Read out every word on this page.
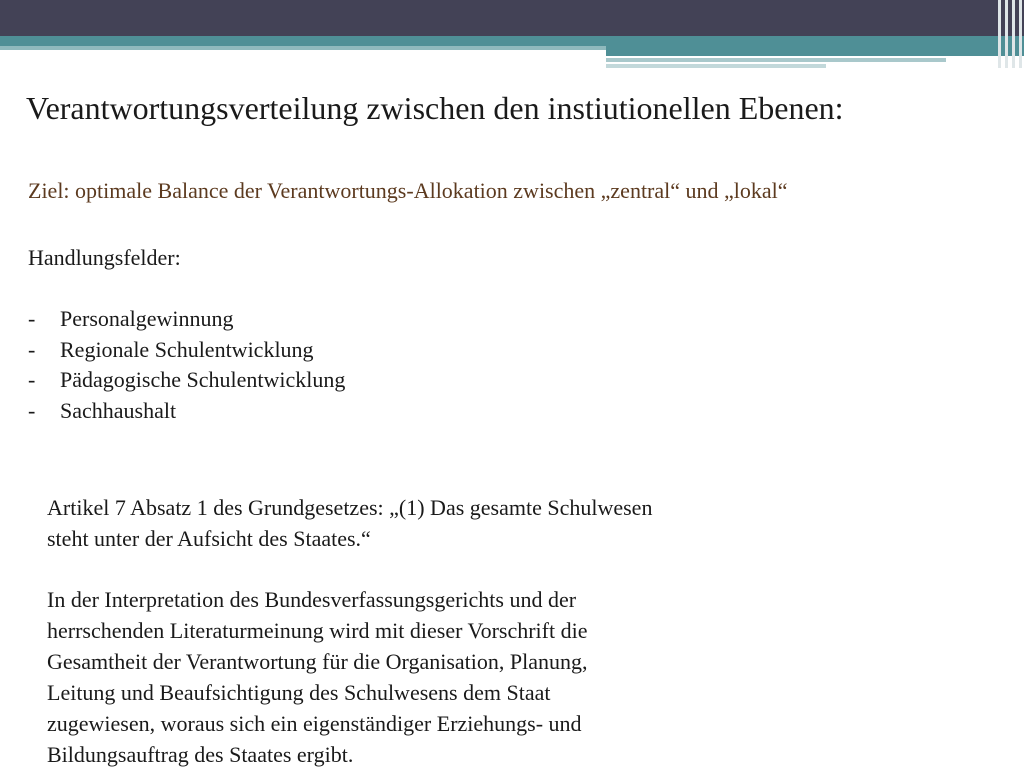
Verantwortungsverteilung zwischen den instiutionellen Ebenen:
Ziel: optimale Balance der Verantwortungs-Allokation zwischen „zentral“ und „lokal“
Handlungsfelder:
-	Personalgewinnung
-	Regionale Schulentwicklung
-	Pädagogische Schulentwicklung
-	Sachhaushalt
Artikel 7 Absatz 1 des Grundgesetzes: „(1) Das gesamte Schulwesen
steht unter der Aufsicht des Staates.“
In der Interpretation des Bundesverfassungsgerichts und der
herrschenden Literaturmeinung wird mit dieser Vorschrift die
Gesamtheit der Verantwortung für die Organisation, Planung,
Leitung und Beaufsichtigung des Schulwesens dem Staat
zugewiesen, woraus sich ein eigenständiger Erziehungs- und
Bildungsauftrag des Staates ergibt.
